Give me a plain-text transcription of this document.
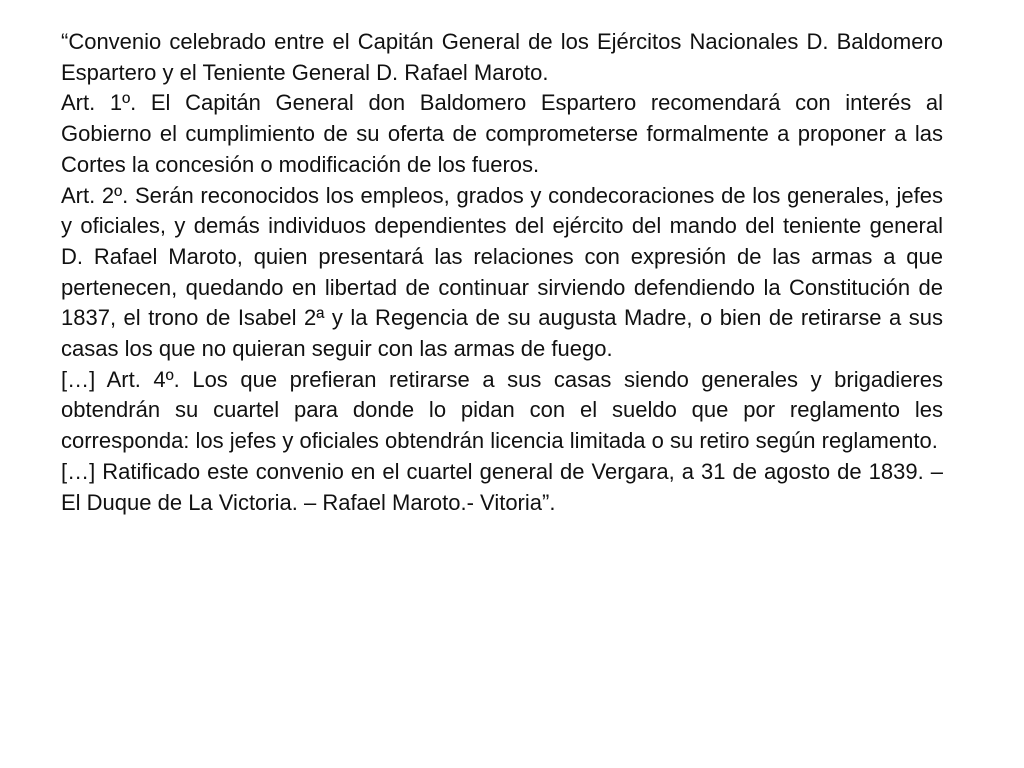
“Convenio celebrado entre el Capitán General de los Ejércitos Nacionales D. Baldomero Espartero y el Teniente General D. Rafael Maroto.

Art. 1º. El Capitán General don Baldomero Espartero recomendará con interés al Gobierno el cumplimiento de su oferta de comprometerse formalmente a proponer a las Cortes la concesión o modificación de los fueros.

Art. 2º. Serán reconocidos los empleos, grados y condecoraciones de los generales, jefes y oficiales, y demás individuos dependientes del ejército del mando del teniente general D. Rafael Maroto, quien presentará las relaciones con expresión de las armas a que pertenecen, quedando en libertad de continuar sirviendo defendiendo la Constitución de 1837, el trono de Isabel 2ª y la Regencia de su augusta Madre, o bien de retirarse a sus casas los que no quieran seguir con las armas de fuego.

[…] Art. 4º. Los que prefieran retirarse a sus casas siendo generales y brigadieres obtendrán su cuartel para donde lo pidan con el sueldo que por reglamento les corresponda: los jefes y oficiales obtendrán licencia limitada o su retiro según reglamento.

[…] Ratificado este convenio en el cuartel general de Vergara, a 31 de agosto de 1839. – El Duque de La Victoria. – Rafael Maroto.- Vitoria”.
